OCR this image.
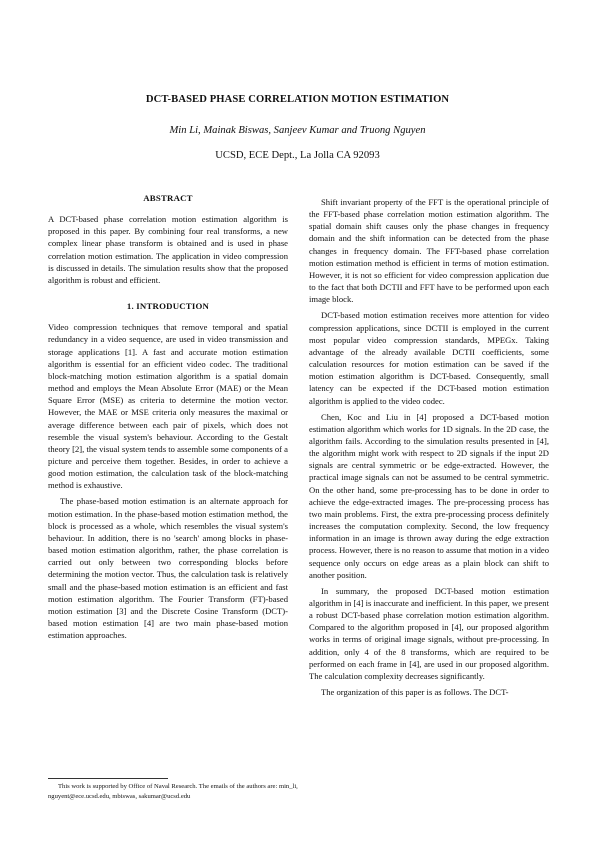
DCT-BASED PHASE CORRELATION MOTION ESTIMATION
Min Li, Mainak Biswas, Sanjeev Kumar and Truong Nguyen
UCSD, ECE Dept., La Jolla CA 92093
ABSTRACT

A DCT-based phase correlation motion estimation algorithm is proposed in this paper. By combining four real transforms, a new complex linear phase transform is obtained and is used in phase correlation motion estimation. The application in video compression is discussed in details. The simulation results show that the proposed algorithm is robust and efficient.

1. INTRODUCTION

Video compression techniques that remove temporal and spatial redundancy in a video sequence, are used in video transmission and storage applications [1]. A fast and accurate motion estimation algorithm is essential for an efficient video codec. The traditional block-matching motion estimation algorithm is a spatial domain method and employs the Mean Absolute Error (MAE) or the Mean Square Error (MSE) as criteria to determine the motion vector. However, the MAE or MSE criteria only measures the maximal or average difference between each pair of pixels, which does not resemble the visual system's behaviour. According to the Gestalt theory [2], the visual system tends to assemble some components of a picture and perceive them together. Besides, in order to achieve a good motion estimation, the calculation task of the block-matching method is exhaustive.

The phase-based motion estimation is an alternate approach for motion estimation. In the phase-based motion estimation method, the block is processed as a whole, which resembles the visual system's behaviour. In addition, there is no 'search' among blocks in phase-based motion estimation algorithm, rather, the phase correlation is carried out only between two corresponding blocks before determining the motion vector. Thus, the calculation task is relatively small and the phase-based motion estimation is an efficient and fast motion estimation algorithm. The Fourier Transform (FT)-based motion estimation [3] and the Discrete Cosine Transform (DCT)-based motion estimation [4] are two main phase-based motion estimation approaches.

Shift invariant property of the FFT is the operational principle of the FFT-based phase correlation motion estimation algorithm. The spatial domain shift causes only the phase changes in frequency domain and the shift information can be detected from the phase changes in frequency domain. The FFT-based phase correlation motion estimation method is efficient in terms of motion estimation. However, it is not so efficient for video compression application due to the fact that both DCTII and FFT have to be performed upon each image block.

DCT-based motion estimation receives more attention for video compression applications, since DCTII is employed in the current most popular video compression standards, MPEGx. Taking advantage of the already available DCTII coefficients, some calculation resources for motion estimation can be saved if the motion estimation algorithm is DCT-based. Consequently, small latency can be expected if the DCT-based motion estimation algorithm is applied to the video codec.

Chen, Koc and Liu in [4] proposed a DCT-based motion estimation algorithm which works for 1D signals. In the 2D case, the algorithm fails. According to the simulation results presented in [4], the algorithm might work with respect to 2D signals if the input 2D signals are central symmetric or be edge-extracted. However, the practical image signals can not be assumed to be central symmetric. On the other hand, some pre-processing has to be done in order to achieve the edge-extracted images. The pre-processing process has two main problems. First, the extra pre-processing process definitely increases the computation complexity. Second, the low frequency information in an image is thrown away during the edge extraction process. However, there is no reason to assume that motion in a video sequence only occurs on edge areas as a plain block can shift to another position.

In summary, the proposed DCT-based motion estimation algorithm in [4] is inaccurate and inefficient. In this paper, we present a robust DCT-based phase correlation motion estimation algorithm. Compared to the algorithm proposed in [4], our proposed algorithm works in terms of original image signals, without pre-processing. In addition, only 4 of the 8 transforms, which are required to be performed on each frame in [4], are used in our proposed algorithm. The calculation complexity decreases significantly.

The organization of this paper is as follows. The DCT-

This work is supported by Office of Naval Research. The emails of the authors are: min_li, nguyent@ece.ucsd.edu, mbiswas, sakumar@ucsd.edu
